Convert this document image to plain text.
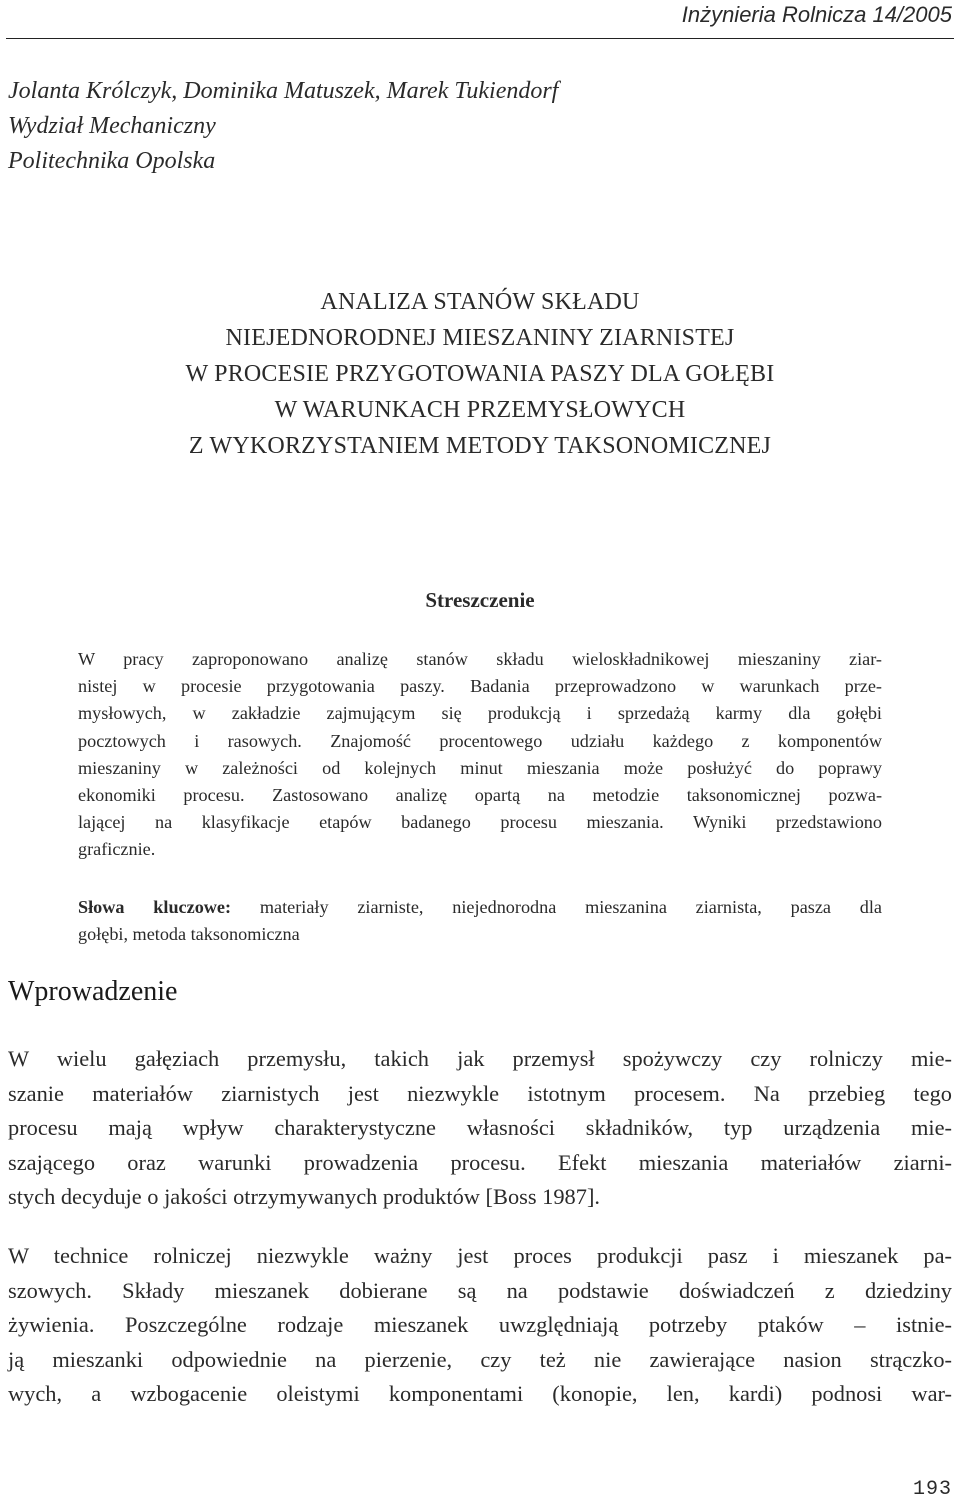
Inżynieria Rolnicza 14/2005
Jolanta Królczyk, Dominika Matuszek, Marek Tukiendorf
Wydział Mechaniczny
Politechnika Opolska
ANALIZA STANÓW SKŁADU
NIEJEDNORODNEJ MIESZANINY ZIARNISTEJ
W PROCESIE PRZYGOTOWANIA PASZY DLA GOŁĘBI
W WARUNKACH PRZEMYSŁOWYCH
Z WYKORZYSTANIEM METODY TAKSONOMICZNEJ
Streszczenie
W pracy zaproponowano analizę stanów składu wieloskładnikowej mieszaniny ziar-
nistej w procesie przygotowania paszy. Badania przeprowadzono w warunkach prze-
mysłowych, w zakładzie zajmującym się produkcją i sprzedażą karmy dla gołębi
pocztowych i rasowych. Znajomość procentowego udziału każdego z komponentów
mieszaniny w zależności od kolejnych minut mieszania może posłużyć do poprawy
ekonomiki procesu. Zastosowano analizę opartą na metodzie taksonomicznej pozwa-
lającej na klasyfikacje etapów badanego procesu mieszania. Wyniki przedstawiono
graficznie.
Słowa kluczowe: materiały ziarniste, niejednorodna mieszanina ziarnista, pasza dla
gołębi, metoda taksonomiczna
Wprowadzenie
W wielu gałęziach przemysłu, takich jak przemysł spożywczy czy rolniczy mie-
szanie materiałów ziarnistych jest niezwykle istotnym procesem. Na przebieg tego
procesu mają wpływ charakterystyczne własności składników, typ urządzenia mie-
szającego oraz warunki prowadzenia procesu. Efekt mieszania materiałów ziarni-
stych decyduje o jakości otrzymywanych produktów [Boss 1987].
W technice rolniczej niezwykle ważny jest proces produkcji pasz i mieszanek pa-
szowych. Składy mieszanek dobierane są na podstawie doświadczeń z dziedziny
żywienia. Poszczególne rodzaje mieszanek uwzględniają potrzeby ptaków – istnie-
ją mieszanki odpowiednie na pierzenie, czy też nie zawierające nasion strączko-
wych, a wzbogacenie oleistymi komponentami (konopie, len, kardi) podnosi war-
193
